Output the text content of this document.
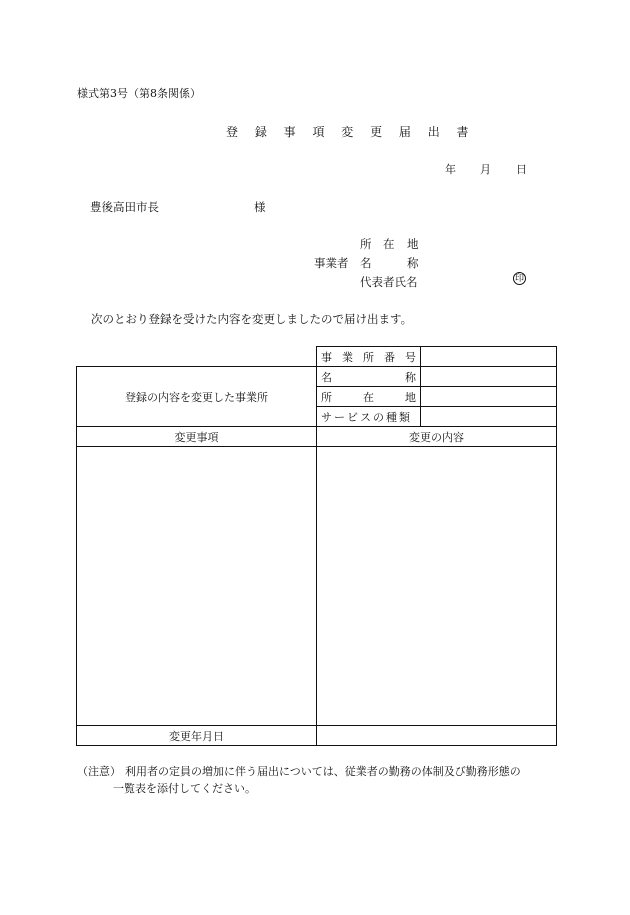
様式第3号（第8条関係）
登 録 事 項 変 更 届 出 書
年 月 日
豊後高田市長	様
所 在 地
事業者 名	称
代表者氏名	印
次のとおり登録を受けた内容を変更しましたので届け出ます。

	事 業 所 番 号	

登録の内容を変更した事業所	名 称	

	所 在 地	

	サービスの種類	
変更事項	変更の内容	

変更年月日		
（注意） 利用者の定員の増加に伴う届出については、従業者の勤務の体制及び勤務形態の
一覧表を添付してください。
